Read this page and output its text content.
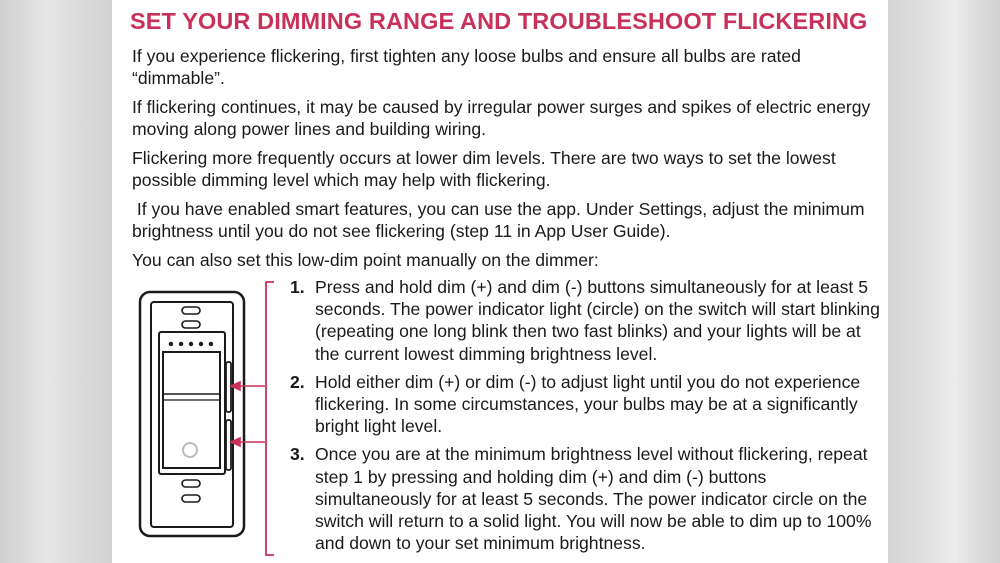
SET YOUR DIMMING RANGE AND TROUBLESHOOT FLICKERING

If you experience flickering, first tighten any loose bulbs and ensure all bulbs are rated “dimmable”.

If flickering continues, it may be caused by irregular power surges and spikes of electric energy moving along power lines and building wiring.

Flickering more frequently occurs at lower dim levels. There are two ways to set the lowest possible dimming level which may help with flickering.

If you have enabled smart features, you can use the app. Under Settings, adjust the minimum brightness until you do not see flickering (step 11 in App User Guide).

You can also set this low-dim point manually on the dimmer:

1. Press and hold dim (+) and dim (-) buttons simultaneously for at least 5 seconds. The power indicator light (circle) on the switch will start blinking (repeating one long blink then two fast blinks) and your lights will be at the current lowest dimming brightness level.
2. Hold either dim (+) or dim (-) to adjust light until you do not experience flickering. In some circumstances, your bulbs may be at a significantly bright light level.
3. Once you are at the minimum brightness level without flickering, repeat step 1 by pressing and holding dim (+) and dim (-) buttons simultaneously for at least 5 seconds. The power indicator circle on the switch will return to a solid light. You will now be able to dim up to 100% and down to your set minimum brightness.
